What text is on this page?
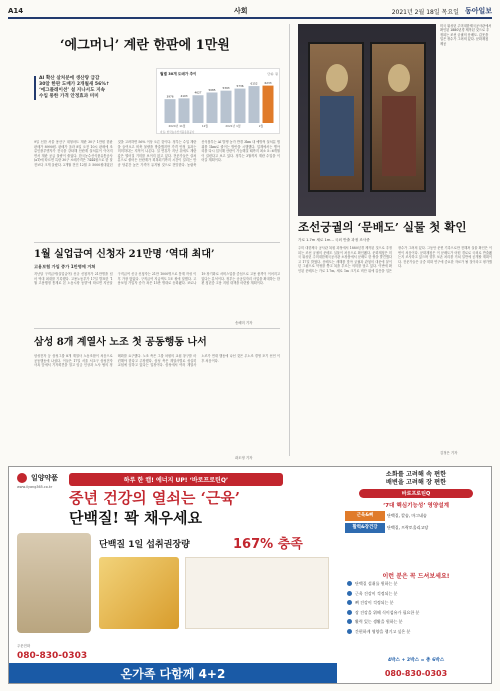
A14	사회	2021년 2월 18일 목요일 동아일보
‘에그머니’ 계란 한판에 1만원
AI 확산 살처분에 생산량 급감
30알 한판 도매가 2개월새 56%↑
‘에그플레이션’ 설 지나서도 지속
수입 통한 가격 안정효과 미미
월별 30개 도매가 추이	단위: 원
3976 4103
4627
5085 5393
5736
6152 6233
2020년 11월	12월	2021년 1월	2월
자료: 한국농수산식품유통공사
9일 신한 서울 용산구 대형마트 계란 30구 1만원 한판 판매가 8990원. 판매가 올라 8일 오전 10시 판매에 조류인플루엔자가 전국을 강타해 산란계 살처분이 이어지면서 계란 공급 물량이 줄었다. 한국농수산식품유통공사(aT)에 따르면 특란 30구 소매가격은 7444원으로 한 달 전보다 크게 올랐다. 2개월 전인 12월 초 5000원대였던 것을 고려하면 56% 이상 오른 것이다. 정부는 수입 계란을 들여오고 비축 물량을 방출했지만 가격 안정 효과는 미미하다는 지적이 나온다. 설 연휴가 지난 뒤에도 계란값은 떨어질 기미를 보이지 않고 있다. 전문가들은 살처분으로 줄어든 산란계가 회복되기까지 시간이 걸리는 만큼 당분간 높은 가격이 유지될 것으로 전망한다. 농림축산식품부는 AI 발생 농가 반경 3km 내 예방적 살처분 범위를 1km로 줄이는 방안을 시행했다. 업계에서는 병아리를 다시 입식해 산란이 가능해질 때까지 최소 5∼6개월이 걸린다고 보고 있다. 정부는 3월까지 계란 수입을 이어갈 계획이다.
미국 워싱턴 주미대한제국공사관에서 확인된 1880년경 제작된 것으로 추정되는 조선 궁궐의 문배도. 갑옷을 입은 장수가 그려져 있다. 문화재청 제공
조선궁궐의 ‘문배도’ 실물 첫 확인
가로 1.7m 세로 1m… 국외 반출 과정 조사중
주미 대한제국 공사관 복원 과정에서 1880년경 제작된 것으로 추정되는 조선 궁궐의 문배도 실물이 처음으로 확인됐다. 문화재청은 미국 워싱턴 주미대한제국공사관 소장품에서 문배도 한 쌍을 발견했다고 17일 밝혔다. 문배도는 새해를 맞아 궁궐과 관청의 대문에 붙이던 그림으로 악귀를 쫓고 복을 부르는 의미를 담고 있다. 이번에 확인된 문배도는 가로 1.7m, 세로 1m 크기로 비단 위에 갑옷을 입은 장수가 그려져 있다. 그동안 문헌 기록으로만 전해져 실물 확인은 이번이 처음이다. 문화재청은 이 문배도가 어떤 경로로 국외로 반출됐는지 조사하고 있으며 향후 보존 처리를 거쳐 일반에 공개할 계획이다. 전문가들은 궁중 회화 연구에 중요한 자료가 될 것이라고 평가했다.
김정은 기자
1월 실업급여 신청자 21만명 ‘역대 최대’
고용보험 가입 증가 1만명에 거쳐
지난달 구직급여(실업급여) 신규 신청자가 21만명을 넘어 역대 최대를 기록했다. 고용노동부가 17일 발표한 ‘1월 고용행정 통계로 본 노동시장 동향’에 따르면 지난달 구직급여 신규 신청자는 21만 1000명으로 통계 작성 이후 가장 많았다. 구직급여 지급액도 1조 원에 달했다. 고용보험 가입자 증가 폭은 15만 명대로 둔화됐다. 코로나19 장기화로 서비스업을 중심으로 고용 충격이 이어지고 있다는 분석이다. 정부는 공공일자리 사업을 확대하는 한편 청년층 고용 지원 대책을 마련할 계획이다.
송혜미 기자
삼성 8개 계열사 노조 첫 공동행동 나서
삼성전자 등 삼성그룹 8개 계열사 노동조합이 처음으로 공동행동에 나섰다. 이들은 17일 서울 서초구 삼성전자 사옥 앞에서 기자회견을 열고 임금 인상과 노사 협의 정례화를 요구했다. 노조 측은 그룹 차원의 교섭 창구를 마련해야 한다고 주장했다. 삼성 측은 계열사별로 성실히 교섭에 임하고 있다는 입장이다. 삼성에서 여러 계열사 노조가 연대 행동에 나선 것은 무노조 경영 포기 선언 이후 처음이다.
곽도영 기자
일양약품
www.ilyang365.co.kr
하루 한 캡! 에너지 UP! ‘바로프로틴Q’
중년 건강의 열쇠는 ‘근육’
단백질! 꽉 채우세요
단백질 1일 섭취권장량	167% 충족
주문전화
080-830-0303
온가족 다함께 4+2
소화를 고려해 속 편한
배변을 고려해 장 편한
바로프로틴Q
‘7대 핵심기능성’ 영양설계
근육&뼈	단백질, 칼슘, 마그네슘
활력&장건강	단백질, 프락토올리고당
이런 분은 꼭 드셔보세요!
단백질 섭취를 원하는 분
근육 건강이 걱정되는 분
뼈 건강이 걱정되는 분
장 건강을 위해 식이섬유가 필요한 분
활력 있는 생활을 원하는 분
간편하게 영양을 챙기고 싶은 분
4박스 + 2박스 = 총 6박스
080-830-0303
